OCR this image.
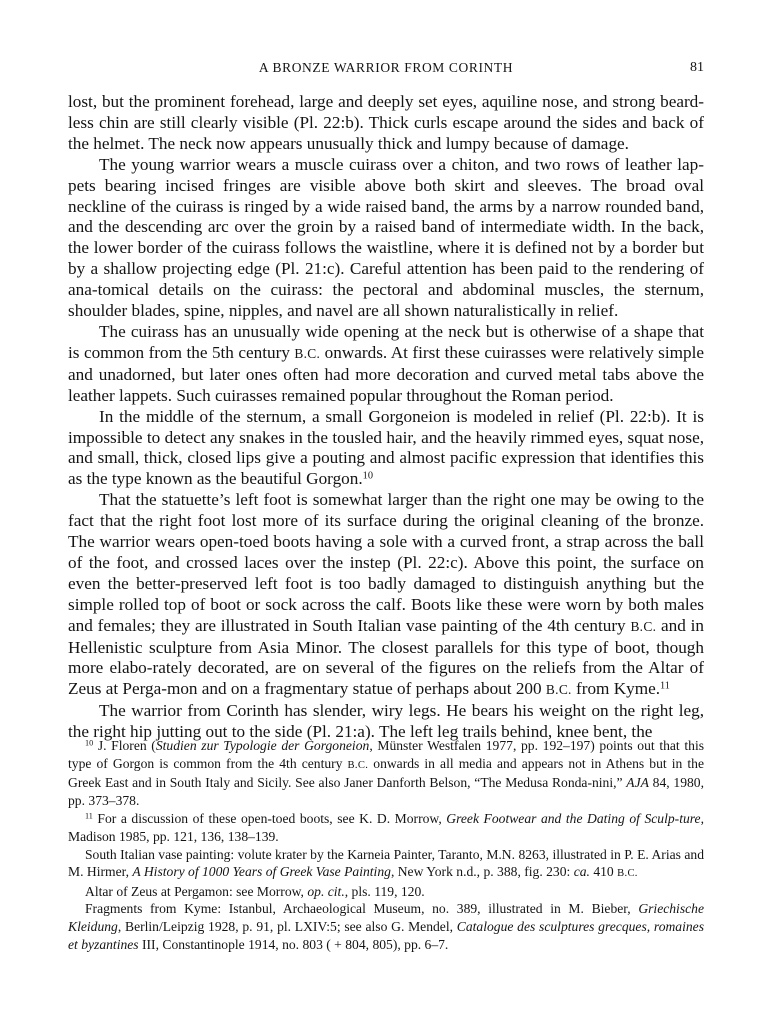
A BRONZE WARRIOR FROM CORINTH	81

lost, but the prominent forehead, large and deeply set eyes, aquiline nose, and strong beard-less chin are still clearly visible (Pl. 22:b). Thick curls escape around the sides and back of the helmet. The neck now appears unusually thick and lumpy because of damage.

The young warrior wears a muscle cuirass over a chiton, and two rows of leather lap-pets bearing incised fringes are visible above both skirt and sleeves. The broad oval neckline of the cuirass is ringed by a wide raised band, the arms by a narrow rounded band, and the descending arc over the groin by a raised band of intermediate width. In the back, the lower border of the cuirass follows the waistline, where it is defined not by a border but by a shallow projecting edge (Pl. 21:c). Careful attention has been paid to the rendering of ana-tomical details on the cuirass: the pectoral and abdominal muscles, the sternum, shoulder blades, spine, nipples, and navel are all shown naturalistically in relief.

The cuirass has an unusually wide opening at the neck but is otherwise of a shape that is common from the 5th century B.C. onwards. At first these cuirasses were relatively simple and unadorned, but later ones often had more decoration and curved metal tabs above the leather lappets. Such cuirasses remained popular throughout the Roman period.

In the middle of the sternum, a small Gorgoneion is modeled in relief (Pl. 22:b). It is impossible to detect any snakes in the tousled hair, and the heavily rimmed eyes, squat nose, and small, thick, closed lips give a pouting and almost pacific expression that identifies this as the type known as the beautiful Gorgon.$^{10}$

That the statuette’s left foot is somewhat larger than the right one may be owing to the fact that the right foot lost more of its surface during the original cleaning of the bronze. The warrior wears open-toed boots having a sole with a curved front, a strap across the ball of the foot, and crossed laces over the instep (Pl. 22:c). Above this point, the surface on even the better-preserved left foot is too badly damaged to distinguish anything but the simple rolled top of boot or sock across the calf. Boots like these were worn by both males and females; they are illustrated in South Italian vase painting of the 4th century B.C. and in Hellenistic sculpture from Asia Minor. The closest parallels for this type of boot, though more elabo-rately decorated, are on several of the figures on the reliefs from the Altar of Zeus at Perga-mon and on a fragmentary statue of perhaps about 200 B.C. from Kyme.$^{11}$

The warrior from Corinth has slender, wiry legs. He bears his weight on the right leg, the right hip jutting out to the side (Pl. 21:a). The left leg trails behind, knee bent, the

$^{10}$ J. Floren (Studien zur Typologie der Gorgoneion, Münster Westfalen 1977, pp. 192–197) points out that this type of Gorgon is common from the 4th century B.C. onwards in all media and appears not in Athens but in the Greek East and in South Italy and Sicily. See also Janer Danforth Belson, “The Medusa Ronda-nini,” AJA 84, 1980, pp. 373–378.

$^{11}$ For a discussion of these open-toed boots, see K. D. Morrow, Greek Footwear and the Dating of Sculp-ture, Madison 1985, pp. 121, 136, 138–139.

South Italian vase painting: volute krater by the Karneia Painter, Taranto, M.N. 8263, illustrated in P. E. Arias and M. Hirmer, A History of 1000 Years of Greek Vase Painting, New York n.d., p. 388, fig. 230: ca. 410 B.C.

Altar of Zeus at Pergamon: see Morrow, op. cit., pls. 119, 120.

Fragments from Kyme: Istanbul, Archaeological Museum, no. 389, illustrated in M. Bieber, Griechische Kleidung, Berlin/Leipzig 1928, p. 91, pl. LXIV:5; see also G. Mendel, Catalogue des sculptures grecques, romaines et byzantines III, Constantinople 1914, no. 803 ( + 804, 805), pp. 6–7.
